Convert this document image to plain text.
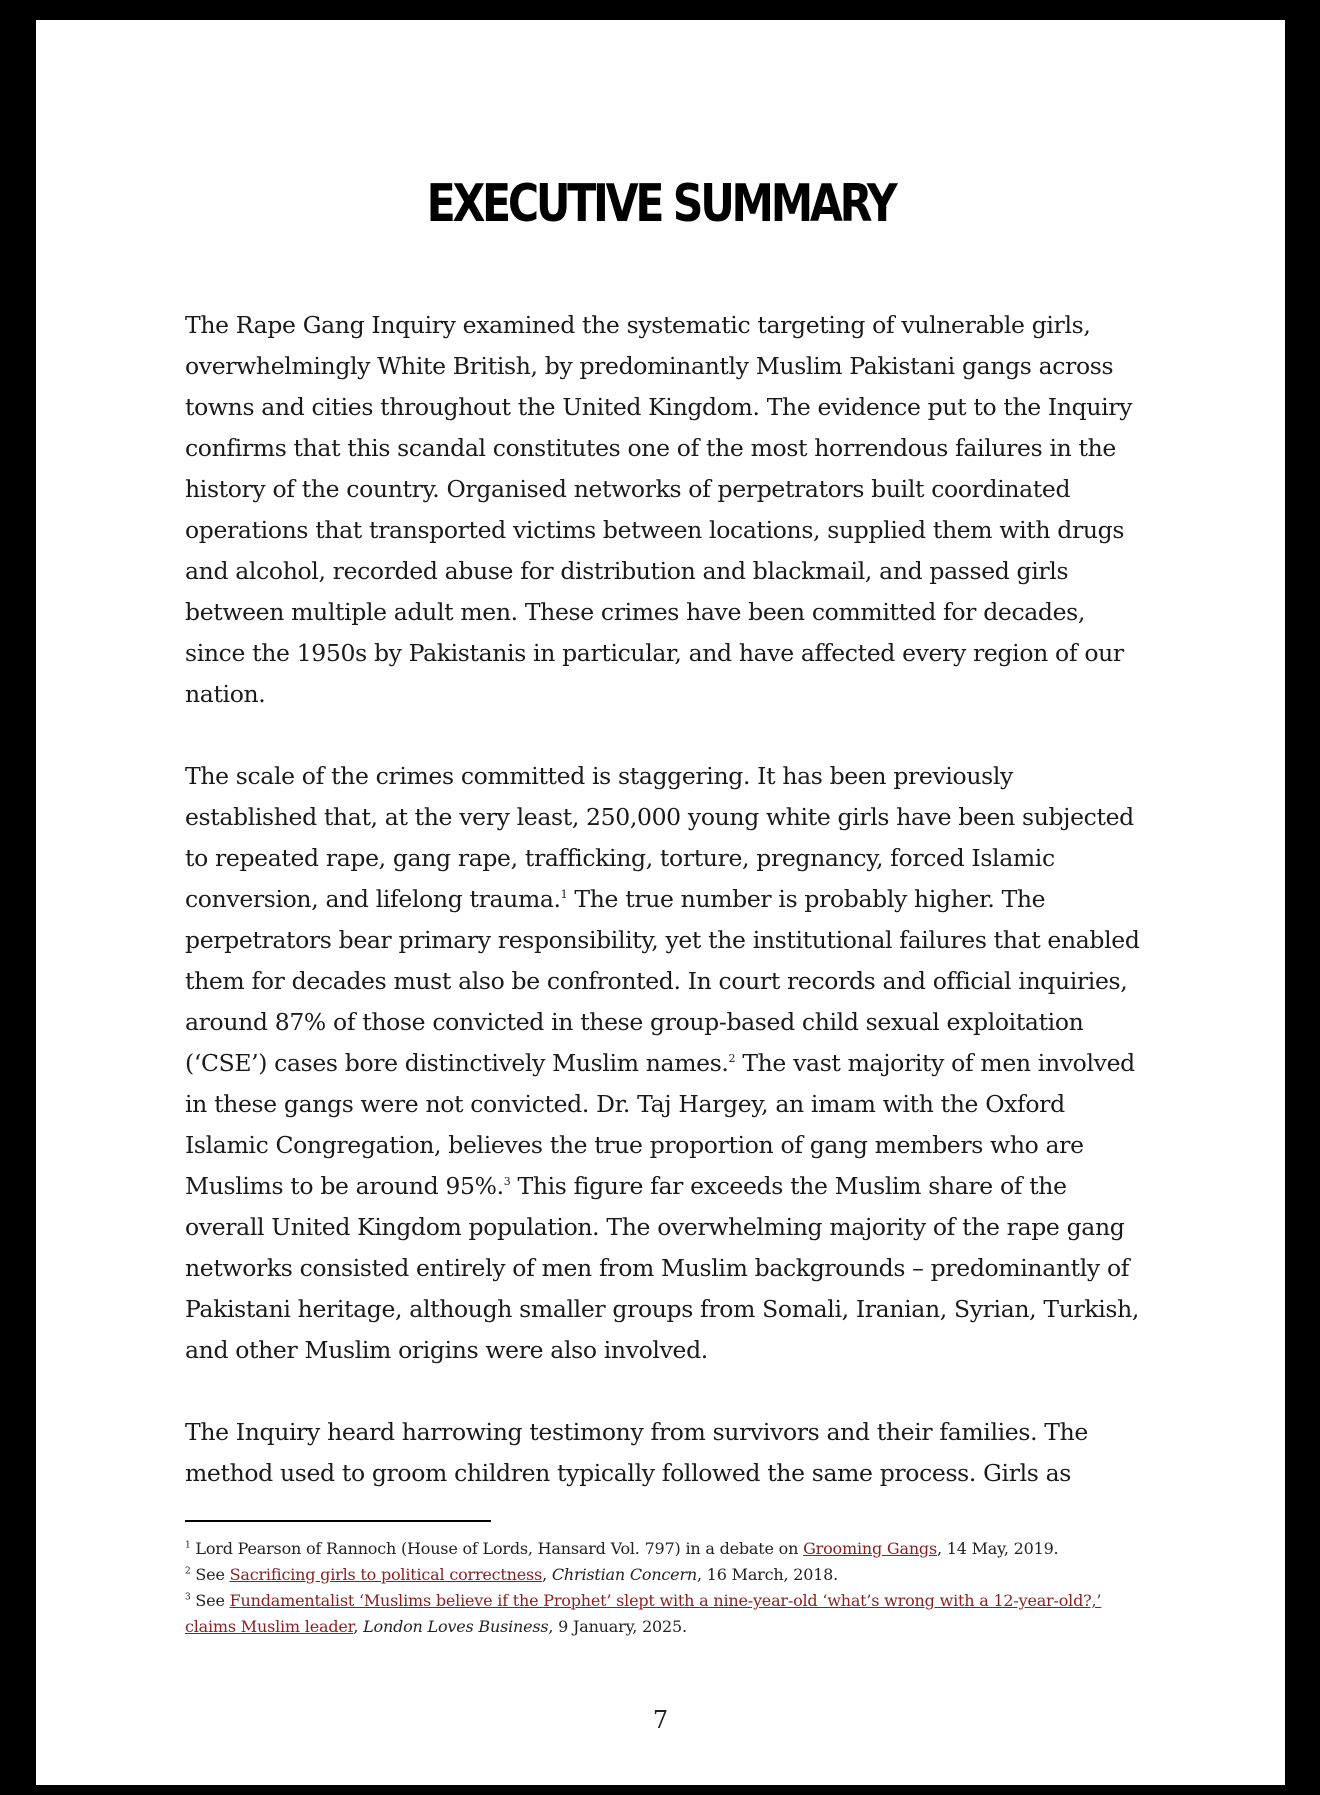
EXECUTIVE SUMMARY

The Rape Gang Inquiry examined the systematic targeting of vulnerable girls, overwhelmingly White British, by predominantly Muslim Pakistani gangs across towns and cities throughout the United Kingdom. The evidence put to the Inquiry confirms that this scandal constitutes one of the most horrendous failures in the history of the country. Organised networks of perpetrators built coordinated operations that transported victims between locations, supplied them with drugs and alcohol, recorded abuse for distribution and blackmail, and passed girls between multiple adult men. These crimes have been committed for decades, since the 1950s by Pakistanis in particular, and have affected every region of our nation.

The scale of the crimes committed is staggering. It has been previously established that, at the very least, 250,000 young white girls have been subjected to repeated rape, gang rape, trafficking, torture, pregnancy, forced Islamic conversion, and lifelong trauma.$^1$ The true number is probably higher. The perpetrators bear primary responsibility, yet the institutional failures that enabled them for decades must also be confronted. In court records and official inquiries, around 87% of those convicted in these group-based child sexual exploitation (‘CSE’) cases bore distinctively Muslim names.$^2$ The vast majority of men involved in these gangs were not convicted. Dr. Taj Hargey, an imam with the Oxford Islamic Congregation, believes the true proportion of gang members who are Muslims to be around 95%.$^3$ This figure far exceeds the Muslim share of the overall United Kingdom population. The overwhelming majority of the rape gang networks consisted entirely of men from Muslim backgrounds – predominantly of Pakistani heritage, although smaller groups from Somali, Iranian, Syrian, Turkish, and other Muslim origins were also involved.

The Inquiry heard harrowing testimony from survivors and their families. The method used to groom children typically followed the same process. Girls as

$^1$ Lord Pearson of Rannoch (House of Lords, Hansard Vol. 797) in a debate on Grooming Gangs, 14 May, 2019.

$^2$ See Sacrificing girls to political correctness, Christian Concern, 16 March, 2018.

$^3$ See Fundamentalist ‘Muslims believe if the Prophet’ slept with a nine-year-old ‘what’s wrong with a 12-year-old?,’ claims Muslim leader, London Loves Business, 9 January, 2025.

7
